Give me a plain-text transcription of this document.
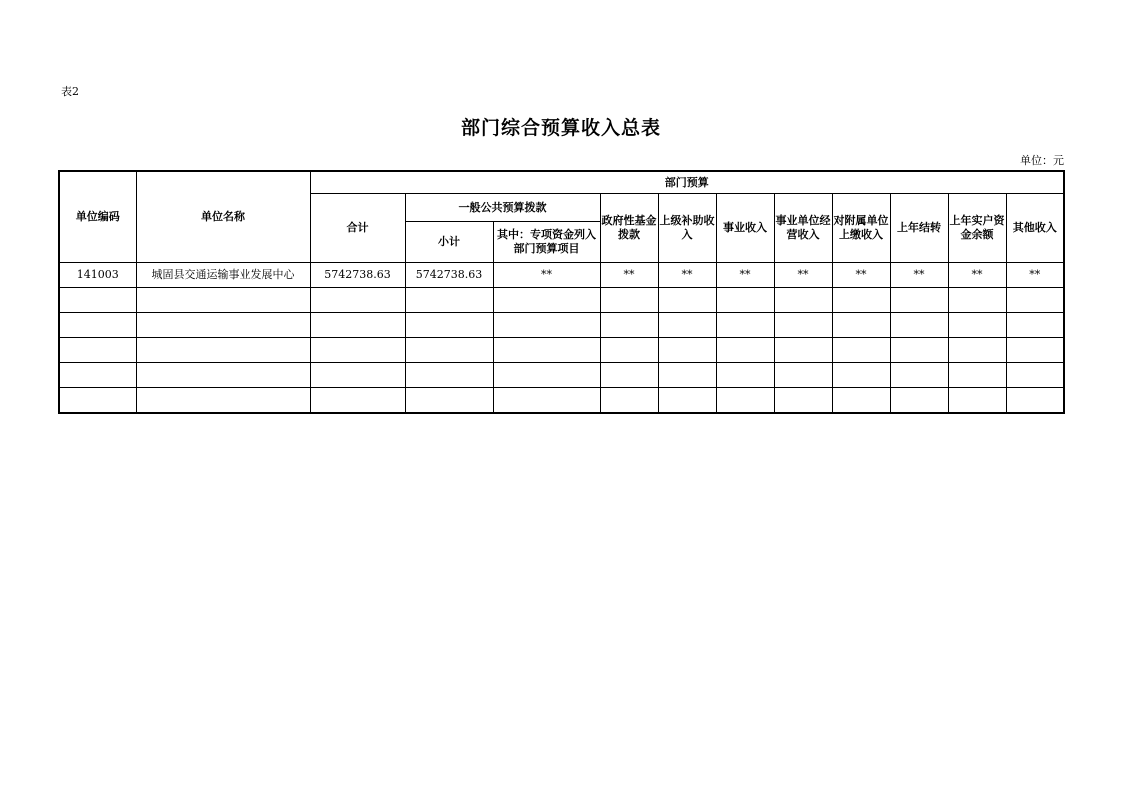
表2
部门综合预算收入总表
单位：元
单位编码	单位名称	部门预算										
		合计	一般公共预算拨款		政府性基金拨款	上级补助收入	事业收入	事业单位经营收入	对附属单位上缴收入	上年结转	上年实户资金余额	其他收入
			小计	其中：专项资金列入部门预算项目								
141003	城固县交通运输事业发展中心	5742738.63	5742738.63	**	**	**	**	**	**	**	**	**
